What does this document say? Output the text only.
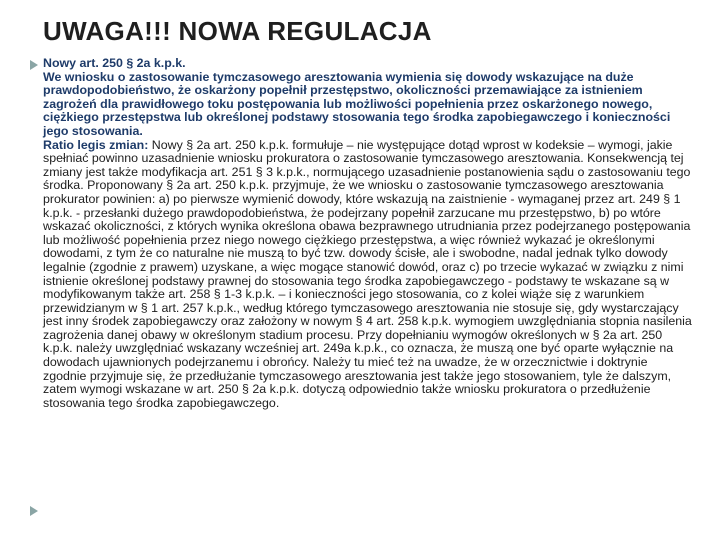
UWAGA!!! NOWA REGULACJA
Nowy art. 250 § 2a k.p.k.

We wniosku o zastosowanie tymczasowego aresztowania wymienia się dowody wskazujące na duże prawdopodobieństwo, że oskarżony popełnił przestępstwo, okoliczności przemawiające za istnieniem zagrożeń dla prawidłowego toku postępowania lub możliwości popełnienia przez oskarżonego nowego, ciężkiego przestępstwa lub określonej podstawy stosowania tego środka zapobiegawczego i konieczności jego stosowania.

Ratio legis zmian: Nowy § 2a art. 250 k.p.k. formułuje – nie występujące dotąd wprost w kodeksie – wymogi, jakie spełniać powinno uzasadnienie wniosku prokuratora o zastosowanie tymczasowego aresztowania. Konsekwencją tej zmiany jest także modyfikacja art. 251 § 3 k.p.k., normującego uzasadnienie postanowienia sądu o zastosowaniu tego środka. Proponowany § 2a art. 250 k.p.k. przyjmuje, że we wniosku o zastosowanie tymczasowego aresztowania prokurator powinien: a) po pierwsze wymienić dowody, które wskazują na zaistnienie - wymaganej przez art. 249 § 1 k.p.k. - przesłanki dużego prawdopodobieństwa, że podejrzany popełnił zarzucane mu przestępstwo, b) po wtóre wskazać okoliczności, z których wynika określona obawa bezprawnego utrudniania przez podejrzanego postępowania lub możliwość popełnienia przez niego nowego ciężkiego przestępstwa, a więc również wykazać je określonymi dowodami, z tym że co naturalne nie muszą to być tzw. dowody ścisłe, ale i swobodne, nadal jednak tylko dowody legalnie (zgodnie z prawem) uzyskane, a więc mogące stanowić dowód, oraz c) po trzecie wykazać w związku z nimi istnienie określonej podstawy prawnej do stosowania tego środka zapobiegawczego - podstawy te wskazane są w modyfikowanym także art. 258 § 1-3 k.p.k. – i konieczności jego stosowania, co z kolei wiąże się z warunkiem przewidzianym w § 1 art. 257 k.p.k., według którego tymczasowego aresztowania nie stosuje się, gdy wystarczający jest inny środek zapobiegawczy oraz założony w nowym § 4 art. 258 k.p.k. wymogiem uwzględniania stopnia nasilenia zagrożenia danej obawy w określonym stadium procesu. Przy dopełnianiu wymogów określonych w § 2a art. 250 k.p.k. należy uwzględniać wskazany wcześniej art. 249a k.p.k., co oznacza, że muszą one być oparte wyłącznie na dowodach ujawnionych podejrzanemu i obrońcy. Należy tu mieć też na uwadze, że w orzecznictwie i doktrynie zgodnie przyjmuje się, że przedłużanie tymczasowego aresztowania jest także jego stosowaniem, tyle że dalszym, zatem wymogi wskazane w art. 250 § 2a k.p.k. dotyczą odpowiednio także wniosku prokuratora o przedłużenie stosowania tego środka zapobiegawczego.
